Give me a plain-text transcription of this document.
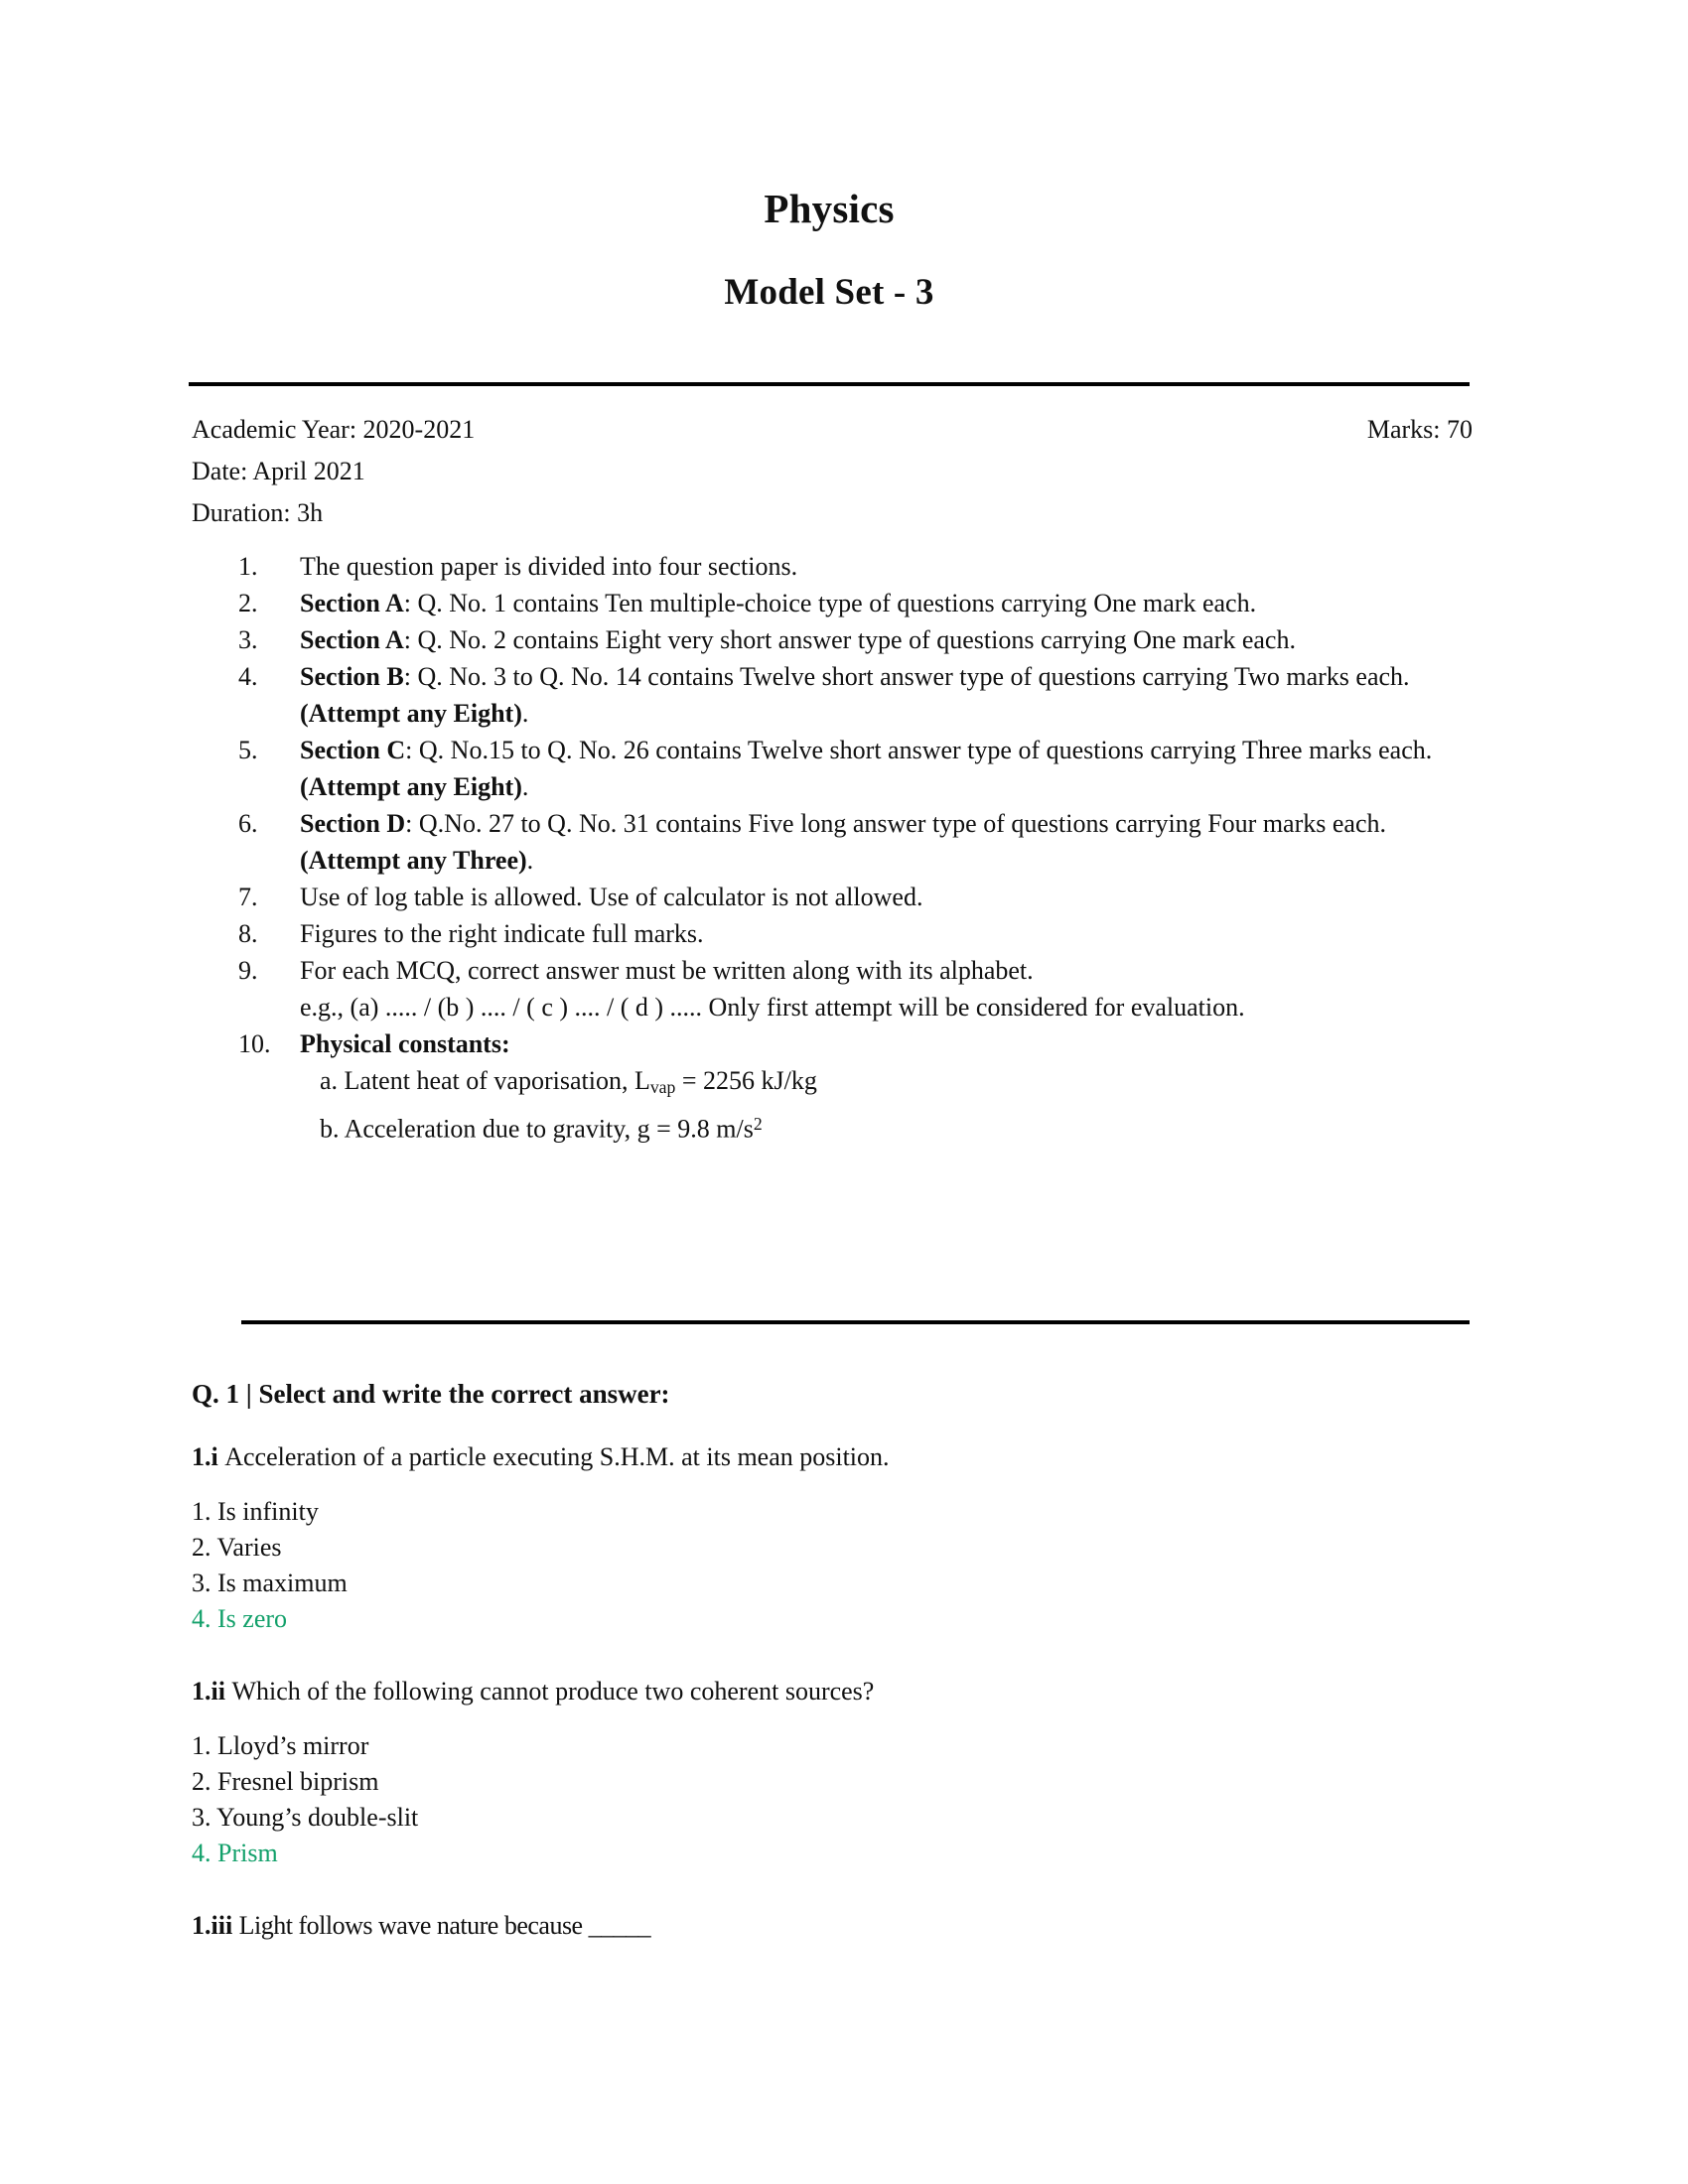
Physics
Model Set - 3
Academic Year: 2020-2021	Marks: 70
Date: April 2021
Duration: 3h
1.	The question paper is divided into four sections.
2.	Section A: Q. No. 1 contains Ten multiple-choice type of questions carrying One mark each.
3.	Section A: Q. No. 2 contains Eight very short answer type of questions carrying One mark each.
4.	Section B: Q. No. 3 to Q. No. 14 contains Twelve short answer type of questions carrying Two marks each. (Attempt any Eight).
5.	Section C: Q. No.15 to Q. No. 26 contains Twelve short answer type of questions carrying Three marks each. (Attempt any Eight).
6.	Section D: Q.No. 27 to Q. No. 31 contains Five long answer type of questions carrying Four marks each. (Attempt any Three).
7.	Use of log table is allowed. Use of calculator is not allowed.
8.	Figures to the right indicate full marks.
9.	For each MCQ, correct answer must be written along with its alphabet.
e.g., (a) ..... / (b ) .... / ( c ) .... / ( d ) ..... Only first attempt will be considered for evaluation.
10.	Physical constants:
a. Latent heat of vaporisation, $L_{vap} = 2256$ kJ/kg
b. Acceleration due to gravity, g = 9.8 $m/s^2$
Q. 1 | Select and write the correct answer:
1.i Acceleration of a particle executing S.H.M. at its mean position.
1. Is infinity
2. Varies
3. Is maximum
4. Is zero
1.ii Which of the following cannot produce two coherent sources?
1. Lloyd’s mirror
2. Fresnel biprism
3. Young’s double-slit
4. Prism
1.iii Light follows wave nature because _____
